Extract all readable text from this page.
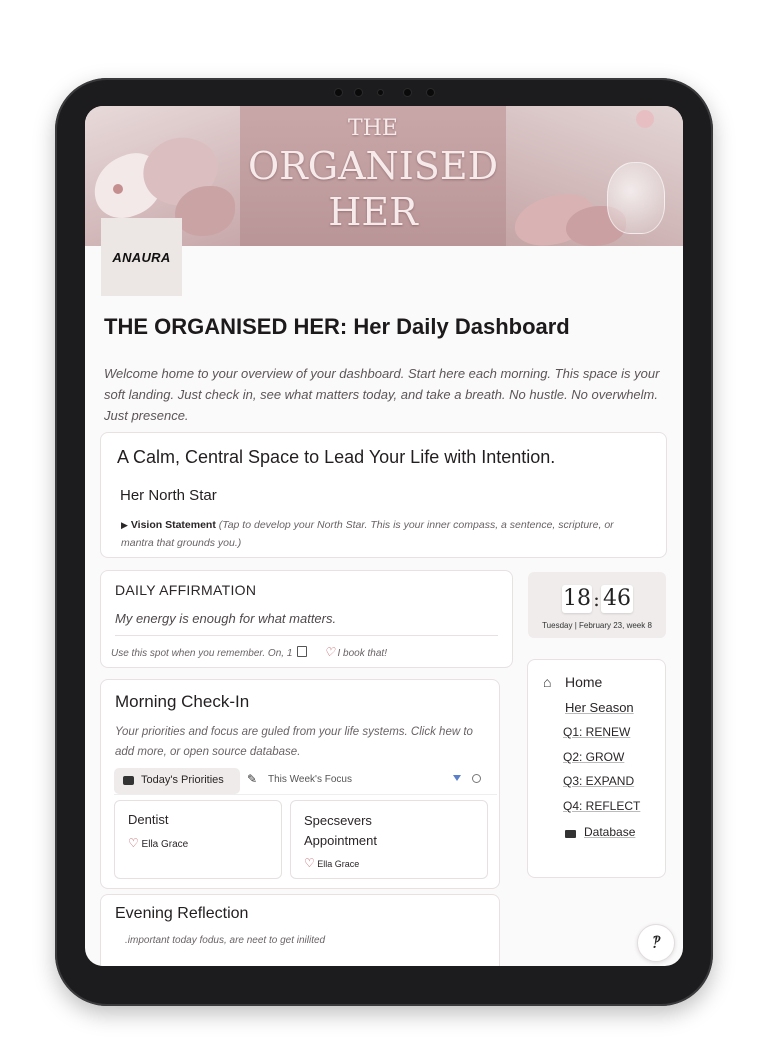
THE
ORGANISED
HER
ANAURA
THE ORGANISED HER: Her Daily Dashboard
Welcome home to your overview of your dashboard. Start here each morning. This space is your soft landing. Just check in, see what matters today, and take a breath. No hustle. No overwhelm. Just presence.
A Calm, Central Space to Lead Your Life with Intention.
Her North Star
▶ Vision Statement (Tap to develop your North Star. This is your inner compass, a sentence, scripture, or mantra that grounds you.)
DAILY AFFIRMATION
My energy is enough for what matters.
Use this spot when you remember. On, 1	♡ I book that!
18 : 46
Tuesday | February 23, week 8
Morning Check-In
Your priorities and focus are guled from your life systems. Click hew to add more, or open source database.
Today's Priorities ✎ This Week's Focus
Dentist
♡ Ella Grace
Specsevers Appointment
♡ Ella Grace
⌂ Home
Her Season
Q1: RENEW
Q2: GROW
Q3: EXPAND
Q4: REFLECT
Database
Evening Reflection
.important today fodus, are neet to get inilited	‽
